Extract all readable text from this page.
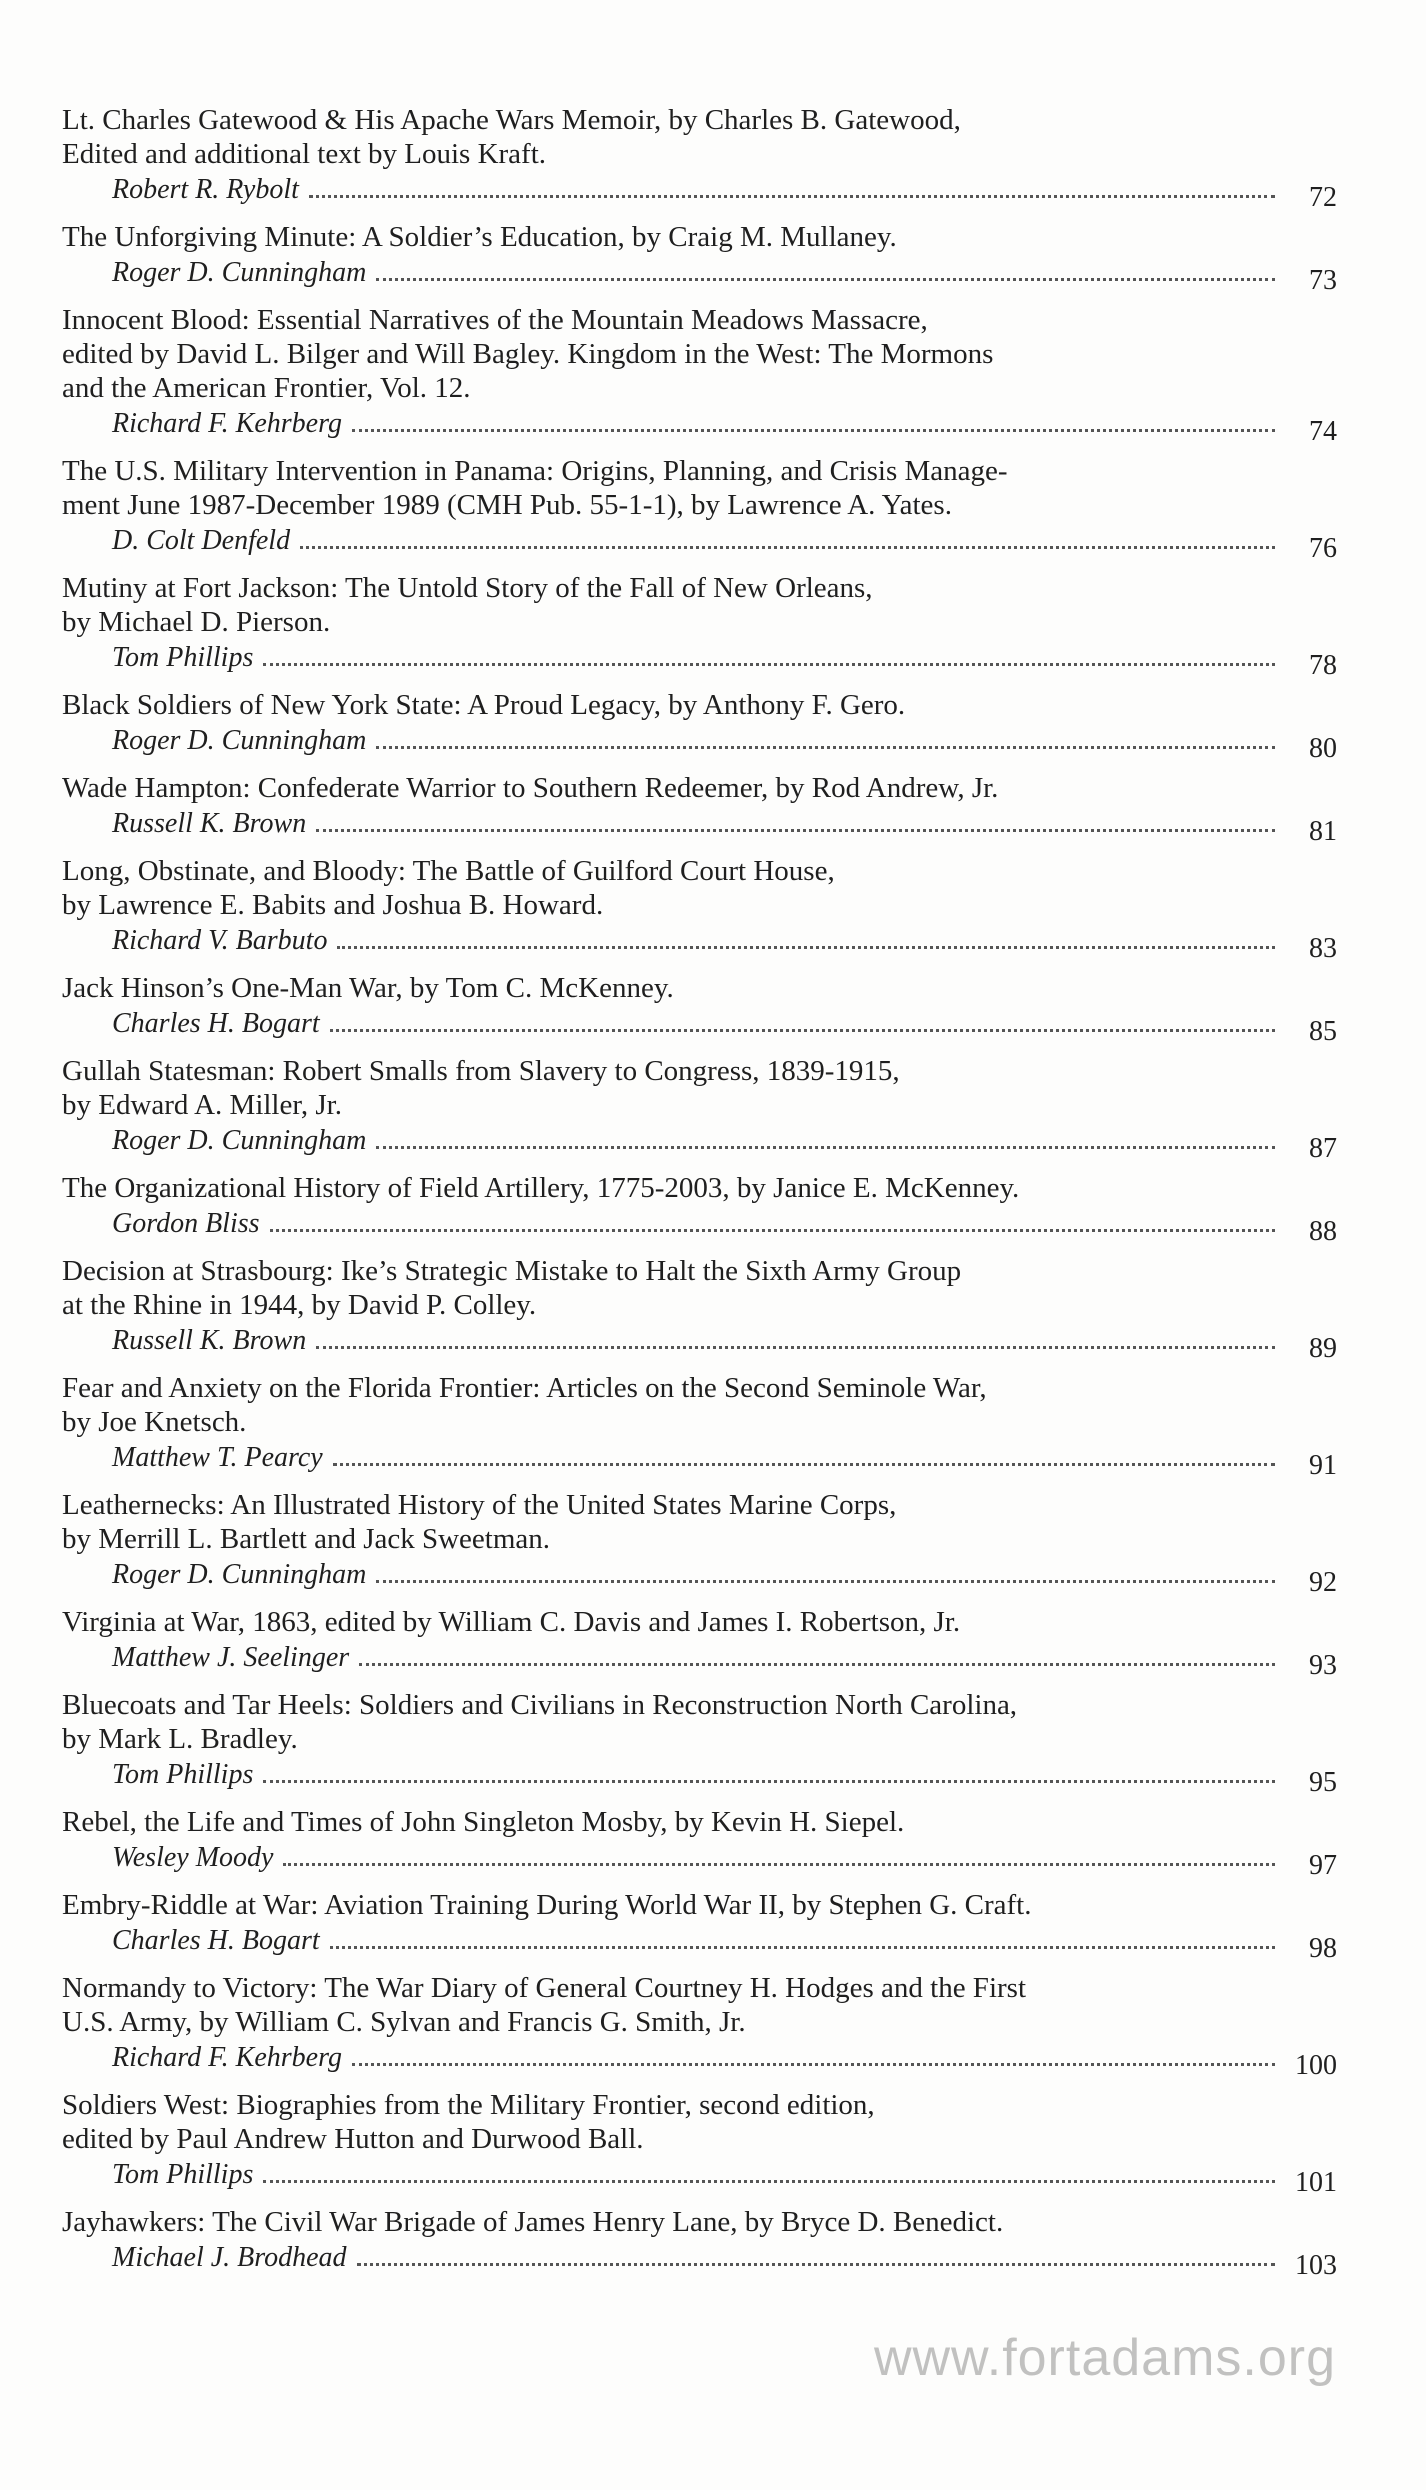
Lt. Charles Gatewood & His Apache Wars Memoir, by Charles B. Gatewood,
Edited and additional text by Louis Kraft.

Robert R. Rybolt	72

The Unforgiving Minute: A Soldier’s Education, by Craig M. Mullaney.

Roger D. Cunningham	73

Innocent Blood: Essential Narratives of the Mountain Meadows Massacre,
edited by David L. Bilger and Will Bagley. Kingdom in the West: The Mormons
and the American Frontier, Vol. 12.

Richard F. Kehrberg	74

The U.S. Military Intervention in Panama: Origins, Planning, and Crisis Manage-
ment June 1987-December 1989 (CMH Pub. 55-1-1), by Lawrence A. Yates.

D. Colt Denfeld	76

Mutiny at Fort Jackson: The Untold Story of the Fall of New Orleans,
by Michael D. Pierson.

Tom Phillips	78

Black Soldiers of New York State: A Proud Legacy, by Anthony F. Gero.

Roger D. Cunningham	80

Wade Hampton: Confederate Warrior to Southern Redeemer, by Rod Andrew, Jr.

Russell K. Brown	81

Long, Obstinate, and Bloody: The Battle of Guilford Court House,
by Lawrence E. Babits and Joshua B. Howard.

Richard V. Barbuto	83

Jack Hinson’s One-Man War, by Tom C. McKenney.

Charles H. Bogart	85

Gullah Statesman: Robert Smalls from Slavery to Congress, 1839-1915,
by Edward A. Miller, Jr.

Roger D. Cunningham	87

The Organizational History of Field Artillery, 1775-2003, by Janice E. McKenney.

Gordon Bliss	88

Decision at Strasbourg: Ike’s Strategic Mistake to Halt the Sixth Army Group
at the Rhine in 1944, by David P. Colley.

Russell K. Brown	89

Fear and Anxiety on the Florida Frontier: Articles on the Second Seminole War,
by Joe Knetsch.

Matthew T. Pearcy	91

Leathernecks: An Illustrated History of the United States Marine Corps,
by Merrill L. Bartlett and Jack Sweetman.

Roger D. Cunningham	92

Virginia at War, 1863, edited by William C. Davis and James I. Robertson, Jr.

Matthew J. Seelinger	93

Bluecoats and Tar Heels: Soldiers and Civilians in Reconstruction North Carolina,
by Mark L. Bradley.

Tom Phillips	95

Rebel, the Life and Times of John Singleton Mosby, by Kevin H. Siepel.

Wesley Moody	97

Embry-Riddle at War: Aviation Training During World War II, by Stephen G. Craft.

Charles H. Bogart	98

Normandy to Victory: The War Diary of General Courtney H. Hodges and the First
U.S. Army, by William C. Sylvan and Francis G. Smith, Jr.

Richard F. Kehrberg	100

Soldiers West: Biographies from the Military Frontier, second edition,
edited by Paul Andrew Hutton and Durwood Ball.

Tom Phillips	101

Jayhawkers: The Civil War Brigade of James Henry Lane, by Bryce D. Benedict.

Michael J. Brodhead	103
www.fortadams.org
